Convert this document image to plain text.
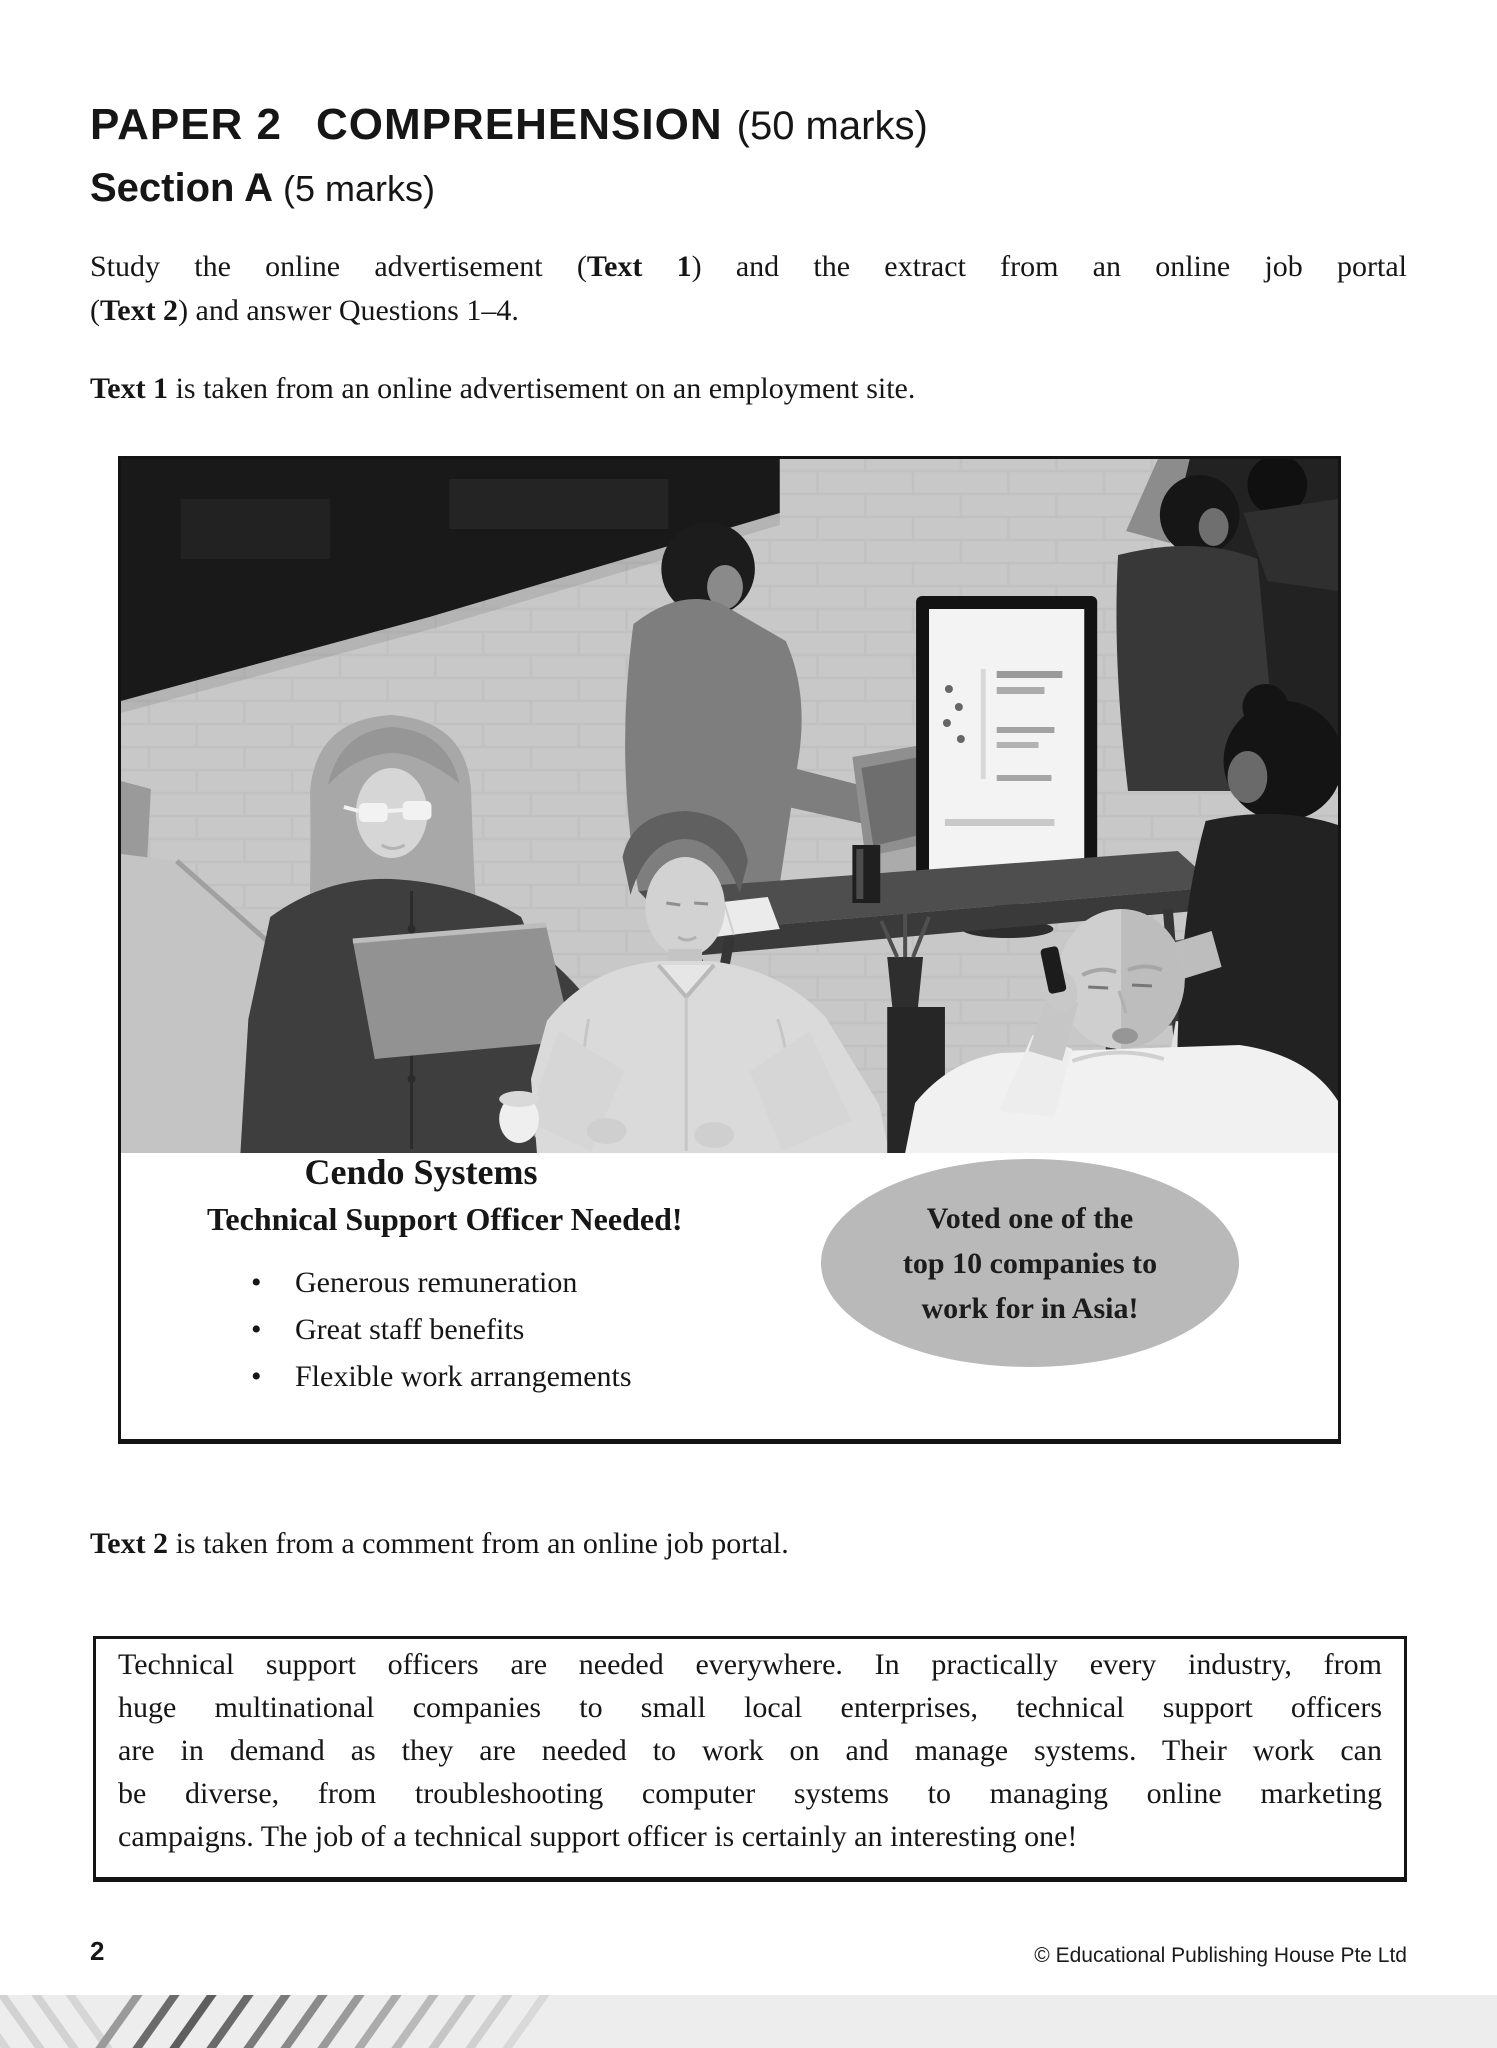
PAPER 2 COMPREHENSION (50 marks)
Section A (5 marks)
Study the online advertisement (Text 1) and the extract from an online job portal
(Text 2) and answer Questions 1–4.
Text 1 is taken from an online advertisement on an employment site.
Cendo Systems
Technical Support Officer Needed!
•	Generous remuneration
•	Great staff benefits
•	Flexible work arrangements
Voted one of the
top 10 companies to
work for in Asia!
Text 2 is taken from a comment from an online job portal.
Technical support officers are needed everywhere. In practically every industry, from
huge multinational companies to small local enterprises, technical support officers
are in demand as they are needed to work on and manage systems. Their work can
be diverse, from troubleshooting computer systems to managing online marketing
campaigns. The job of a technical support officer is certainly an interesting one!
2	© Educational Publishing House Pte Ltd
